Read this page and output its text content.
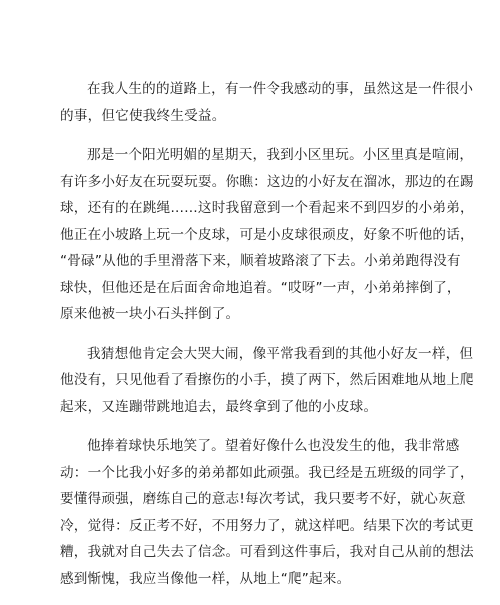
在我人生的的道路上，有一件令我感动的事，虽然这是一件很小
的事，但它使我终生受益。
那是一个阳光明媚的星期天，我到小区里玩。小区里真是喧闹，
有许多小好友在玩耍玩耍。你瞧：这边的小好友在溜冰，那边的在踢
球，还有的在跳绳……这时我留意到一个看起来不到四岁的小弟弟，
他正在小坡路上玩一个皮球，可是小皮球很顽皮，好象不听他的话，
“骨碌”从他的手里滑落下来，顺着坡路滚了下去。小弟弟跑得没有
球快，但他还是在后面舍命地追着。“哎呀”一声，小弟弟摔倒了，
原来他被一块小石头拌倒了。
我猜想他肯定会大哭大闹，像平常我看到的其他小好友一样，但
他没有，只见他看了看擦伤的小手，摸了两下，然后困难地从地上爬
起来，又连蹦带跳地追去，最终拿到了他的小皮球。
他捧着球快乐地笑了。望着好像什么也没发生的他，我非常感
动：一个比我小好多的弟弟都如此顽强。我已经是五班级的同学了，
要懂得顽强，磨练自己的意志!每次考试，我只要考不好，就心灰意
冷，觉得：反正考不好，不用努力了，就这样吧。结果下次的考试更
糟，我就对自己失去了信念。可看到这件事后，我对自己从前的想法
感到惭愧，我应当像他一样，从地上“爬”起来。
